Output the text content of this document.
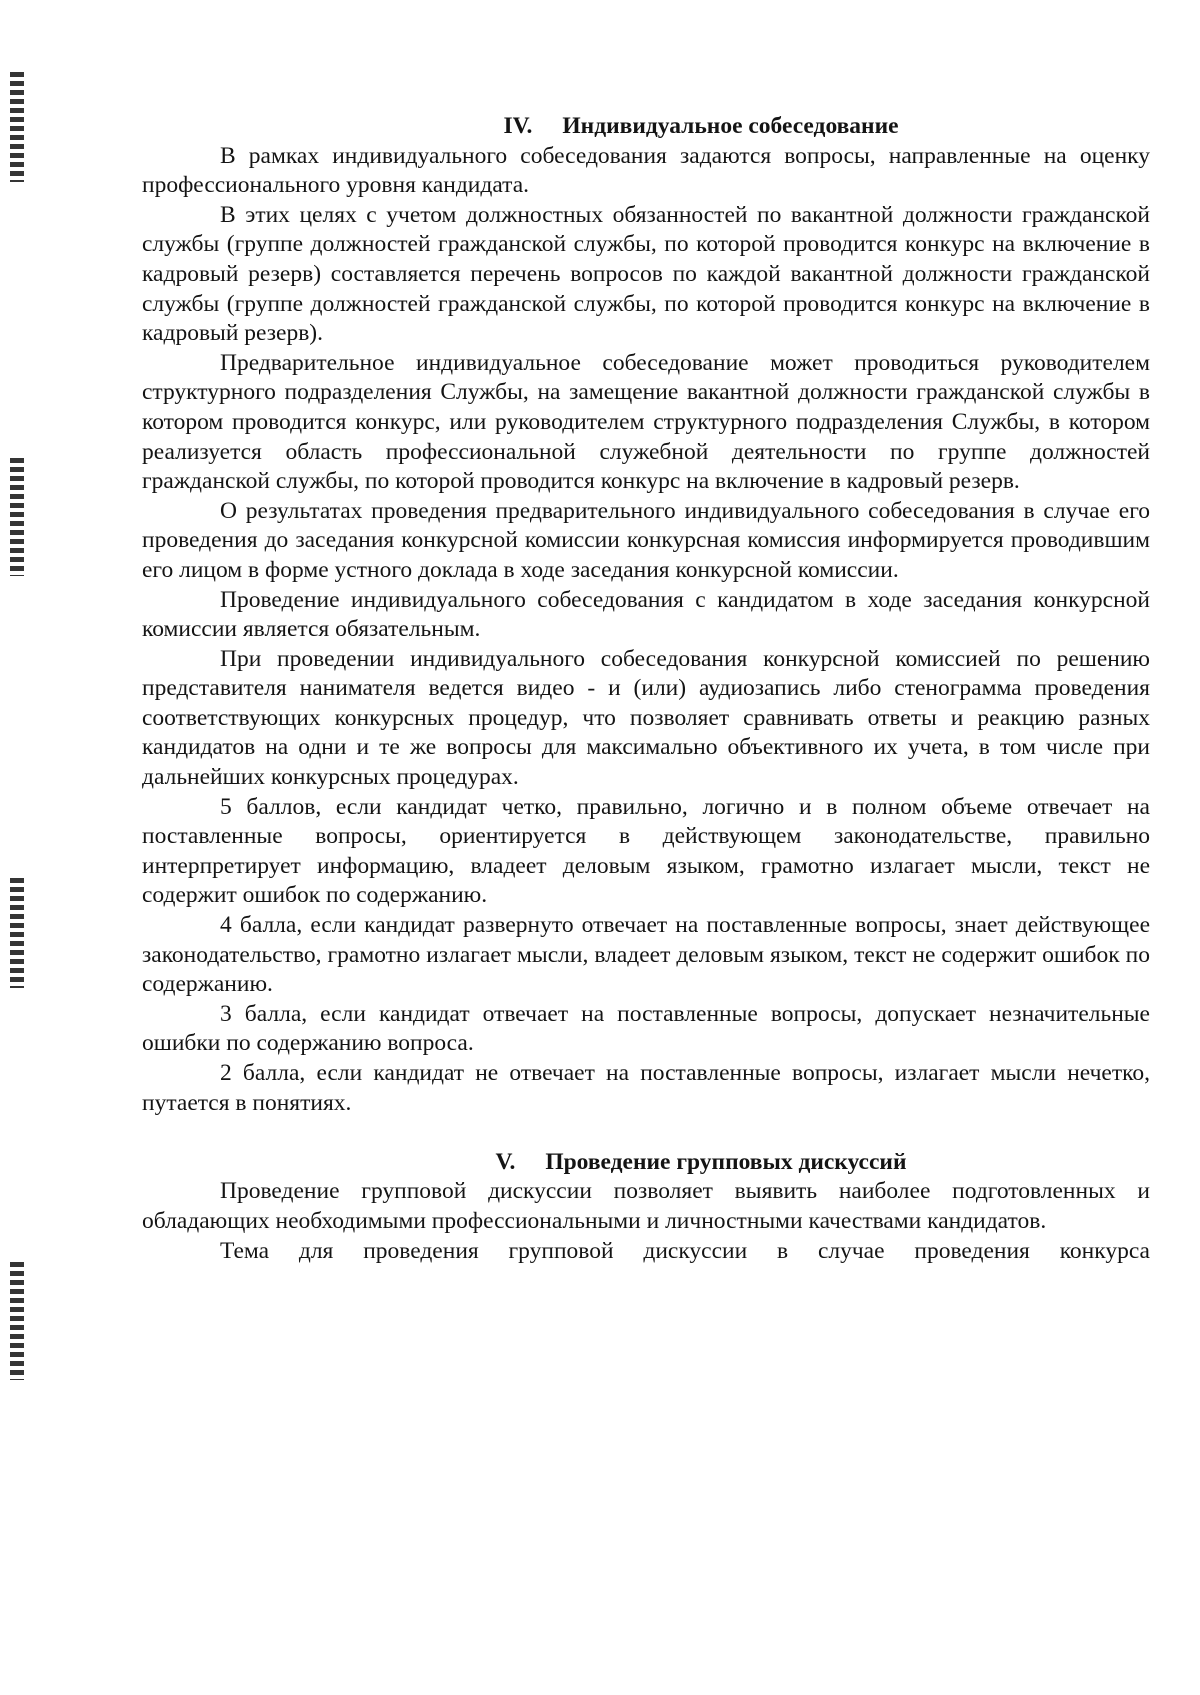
IV. Индивидуальное собеседование

В рамках индивидуального собеседования задаются вопросы, направленные на оценку профессионального уровня кандидата.

В этих целях с учетом должностных обязанностей по вакантной должности гражданской службы (группе должностей гражданской службы, по которой проводится конкурс на включение в кадровый резерв) составляется перечень вопросов по каждой вакантной должности гражданской службы (группе должностей гражданской службы, по которой проводится конкурс на включение в кадровый резерв).

Предварительное индивидуальное собеседование может проводиться руководителем структурного подразделения Службы, на замещение вакантной должности гражданской службы в котором проводится конкурс, или руководителем структурного подразделения Службы, в котором реализуется область профессиональной служебной деятельности по группе должностей гражданской службы, по которой проводится конкурс на включение в кадровый резерв.

О результатах проведения предварительного индивидуального собеседования в случае его проведения до заседания конкурсной комиссии конкурсная комиссия информируется проводившим его лицом в форме устного доклада в ходе заседания конкурсной комиссии.

Проведение индивидуального собеседования с кандидатом в ходе заседания конкурсной комиссии является обязательным.

При проведении индивидуального собеседования конкурсной комиссией по решению представителя нанимателя ведется видео - и (или) аудиозапись либо стенограмма проведения соответствующих конкурсных процедур, что позволяет сравнивать ответы и реакцию разных кандидатов на одни и те же вопросы для максимально объективного их учета, в том числе при дальнейших конкурсных процедурах.

5 баллов, если кандидат четко, правильно, логично и в полном объеме отвечает на поставленные вопросы, ориентируется в действующем законодательстве, правильно интерпретирует информацию, владеет деловым языком, грамотно излагает мысли, текст не содержит ошибок по содержанию.

4 балла, если кандидат развернуто отвечает на поставленные вопросы, знает действующее законодательство, грамотно излагает мысли, владеет деловым языком, текст не содержит ошибок по содержанию.

3 балла, если кандидат отвечает на поставленные вопросы, допускает незначительные ошибки по содержанию вопроса.

2 балла, если кандидат не отвечает на поставленные вопросы, излагает мысли нечетко, путается в понятиях.

V. Проведение групповых дискуссий

Проведение групповой дискуссии позволяет выявить наиболее подготовленных и обладающих необходимыми профессиональными и личностными качествами кандидатов.

Тема для проведения групповой дискуссии в случае проведения конкурса
